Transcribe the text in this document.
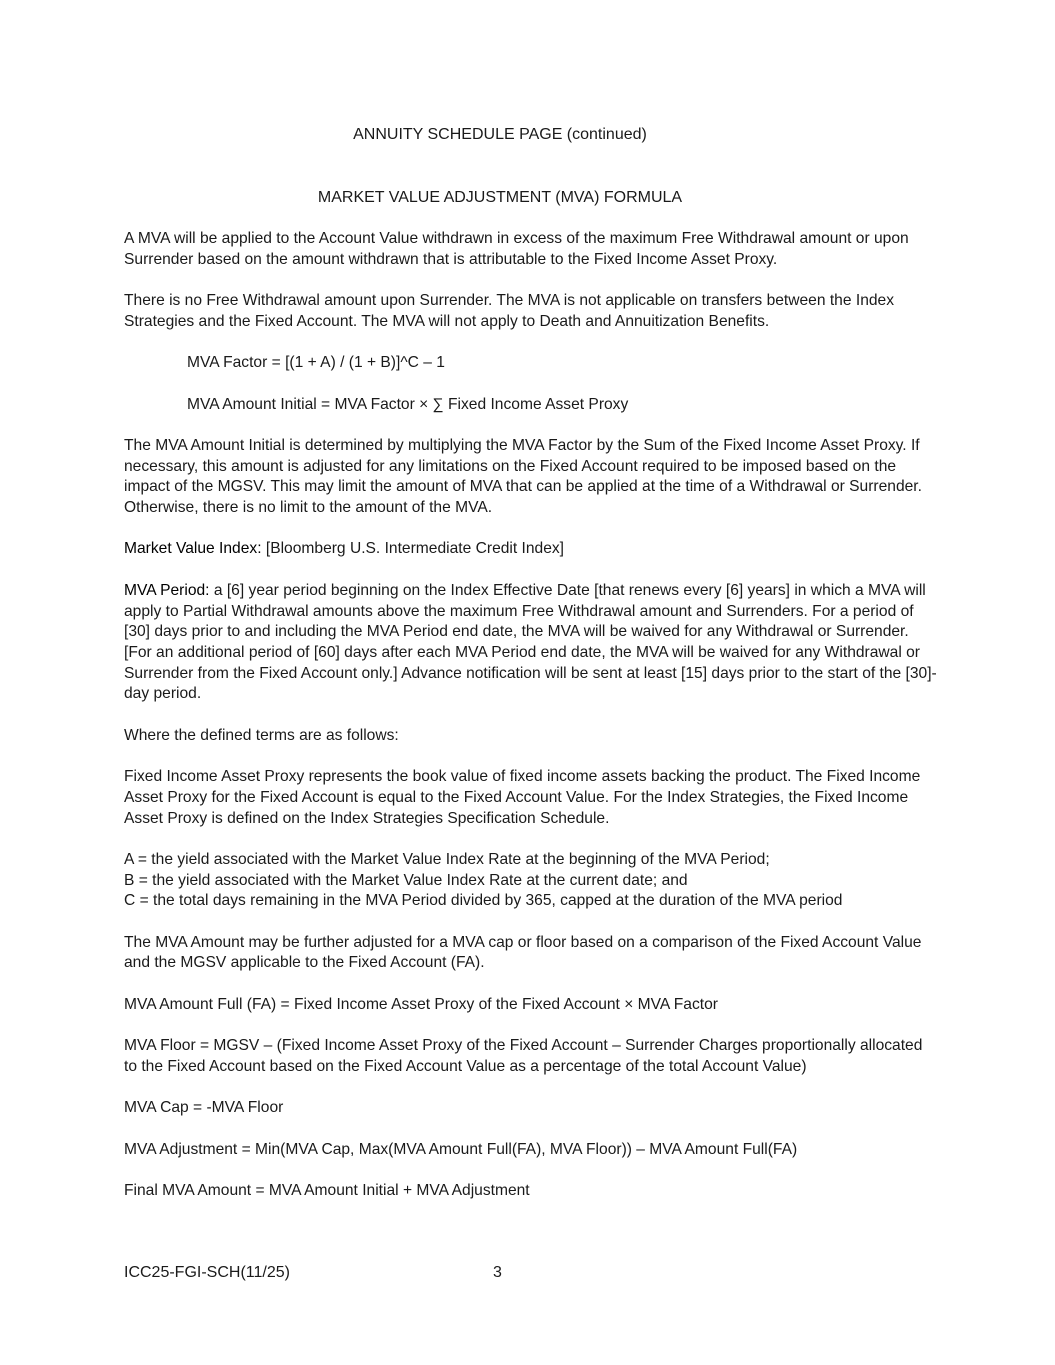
ANNUITY SCHEDULE PAGE (continued)
MARKET VALUE ADJUSTMENT (MVA) FORMULA

A MVA will be applied to the Account Value withdrawn in excess of the maximum Free Withdrawal amount or upon Surrender based on the amount withdrawn that is attributable to the Fixed Income Asset Proxy.

There is no Free Withdrawal amount upon Surrender. The MVA is not applicable on transfers between the Index Strategies and the Fixed Account. The MVA will not apply to Death and Annuitization Benefits.

MVA Factor = [(1 + A) / (1 + B)]^C – 1

MVA Amount Initial = MVA Factor × ∑ Fixed Income Asset Proxy

The MVA Amount Initial is determined by multiplying the MVA Factor by the Sum of the Fixed Income Asset Proxy. If necessary, this amount is adjusted for any limitations on the Fixed Account required to be imposed based on the impact of the MGSV. This may limit the amount of MVA that can be applied at the time of a Withdrawal or Surrender. Otherwise, there is no limit to the amount of the MVA.

Market Value Index: [Bloomberg U.S. Intermediate Credit Index]

MVA Period: a [6] year period beginning on the Index Effective Date [that renews every [6] years] in which a MVA will apply to Partial Withdrawal amounts above the maximum Free Withdrawal amount and Surrenders. For a period of [30] days prior to and including the MVA Period end date, the MVA will be waived for any Withdrawal or Surrender. [For an additional period of [60] days after each MVA Period end date, the MVA will be waived for any Withdrawal or Surrender from the Fixed Account only.] Advance notification will be sent at least [15] days prior to the start of the [30]-day period.

Where the defined terms are as follows:

Fixed Income Asset Proxy represents the book value of fixed income assets backing the product. The Fixed Income Asset Proxy for the Fixed Account is equal to the Fixed Account Value. For the Index Strategies, the Fixed Income Asset Proxy is defined on the Index Strategies Specification Schedule.

A = the yield associated with the Market Value Index Rate at the beginning of the MVA Period;
B = the yield associated with the Market Value Index Rate at the current date; and
C = the total days remaining in the MVA Period divided by 365, capped at the duration of the MVA period

The MVA Amount may be further adjusted for a MVA cap or floor based on a comparison of the Fixed Account Value and the MGSV applicable to the Fixed Account (FA).

MVA Amount Full (FA) = Fixed Income Asset Proxy of the Fixed Account × MVA Factor

MVA Floor = MGSV – (Fixed Income Asset Proxy of the Fixed Account – Surrender Charges proportionally allocated to the Fixed Account based on the Fixed Account Value as a percentage of the total Account Value)

MVA Cap = -MVA Floor

MVA Adjustment = Min(MVA Cap, Max(MVA Amount Full(FA), MVA Floor)) – MVA Amount Full(FA)

Final MVA Amount = MVA Amount Initial + MVA Adjustment

ICC25-FGI-SCH(11/25)	3
